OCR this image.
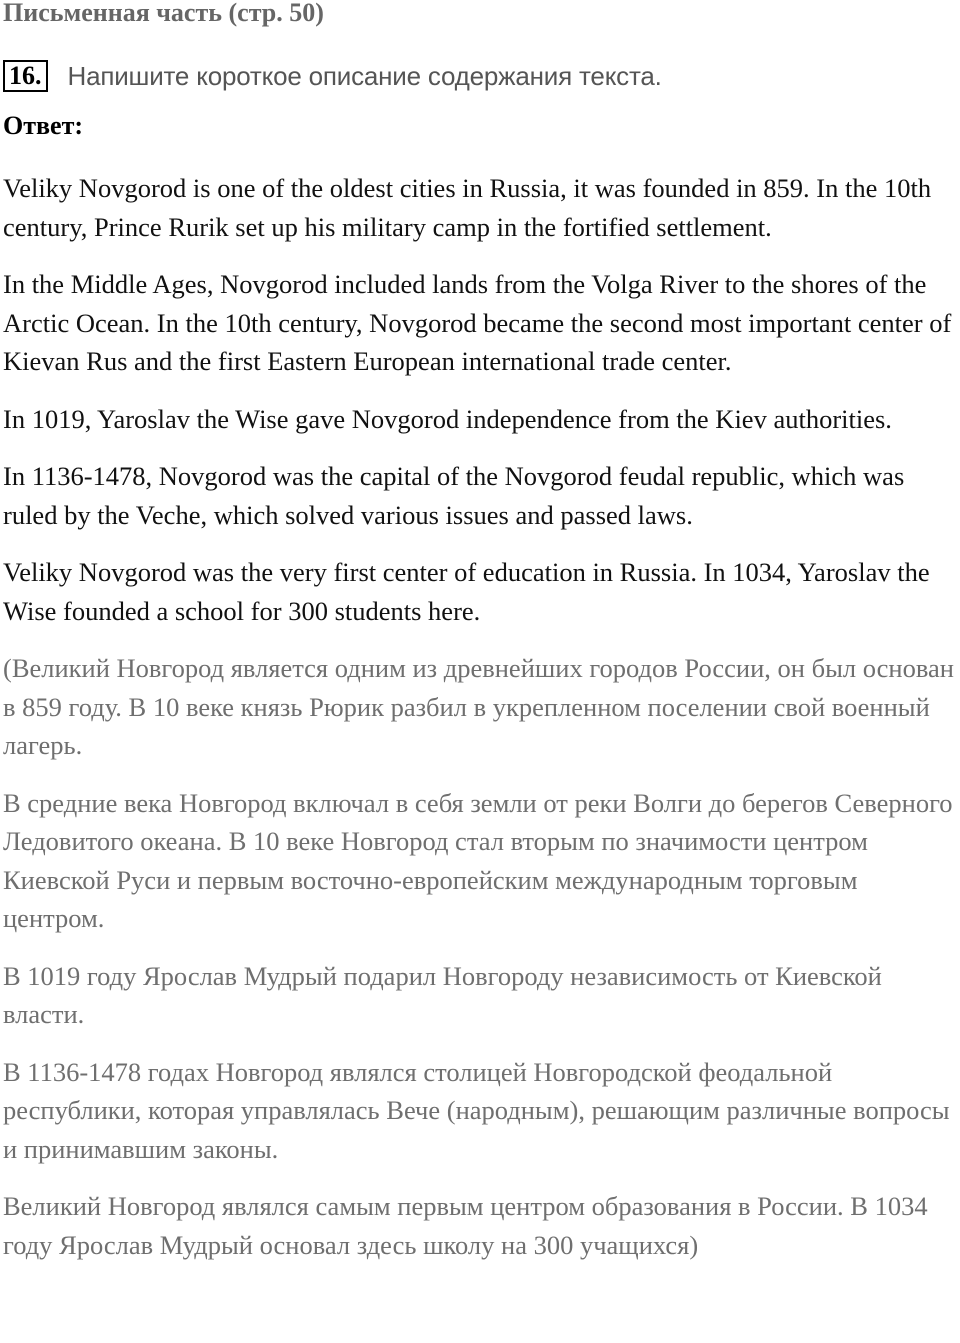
Письменная часть (стр. 50)
16. Напишите короткое описание содержания текста.
Ответ:

Veliky Novgorod is one of the oldest cities in Russia, it was founded in 859. In the 10th century, Prince Rurik set up his military camp in the fortified settlement.

In the Middle Ages, Novgorod included lands from the Volga River to the shores of the Arctic Ocean. In the 10th century, Novgorod became the second most important center of Kievan Rus and the first Eastern European international trade center.

In 1019, Yaroslav the Wise gave Novgorod independence from the Kiev authorities.

In 1136-1478, Novgorod was the capital of the Novgorod feudal republic, which was ruled by the Veche, which solved various issues and passed laws.

Veliky Novgorod was the very first center of education in Russia. In 1034, Yaroslav the Wise founded a school for 300 students here.

(Великий Новгород является одним из древнейших городов России, он был основан в 859 году. В 10 веке князь Рюрик разбил в укрепленном поселении свой военный лагерь.

В средние века Новгород включал в себя земли от реки Волги до берегов Северного Ледовитого океана. В 10 веке Новгород стал вторым по значимости центром Киевской Руси и первым восточно-европейским международным торговым центром.

В 1019 году Ярослав Мудрый подарил Новгороду независимость от Киевской власти.

В 1136-1478 годах Новгород являлся столицей Новгородской феодальной республики, которая управлялась Вече (народным), решающим различные вопросы и принимавшим законы.

Великий Новгород являлся самым первым центром образования в России. В 1034 году Ярослав Мудрый основал здесь школу на 300 учащихся)
